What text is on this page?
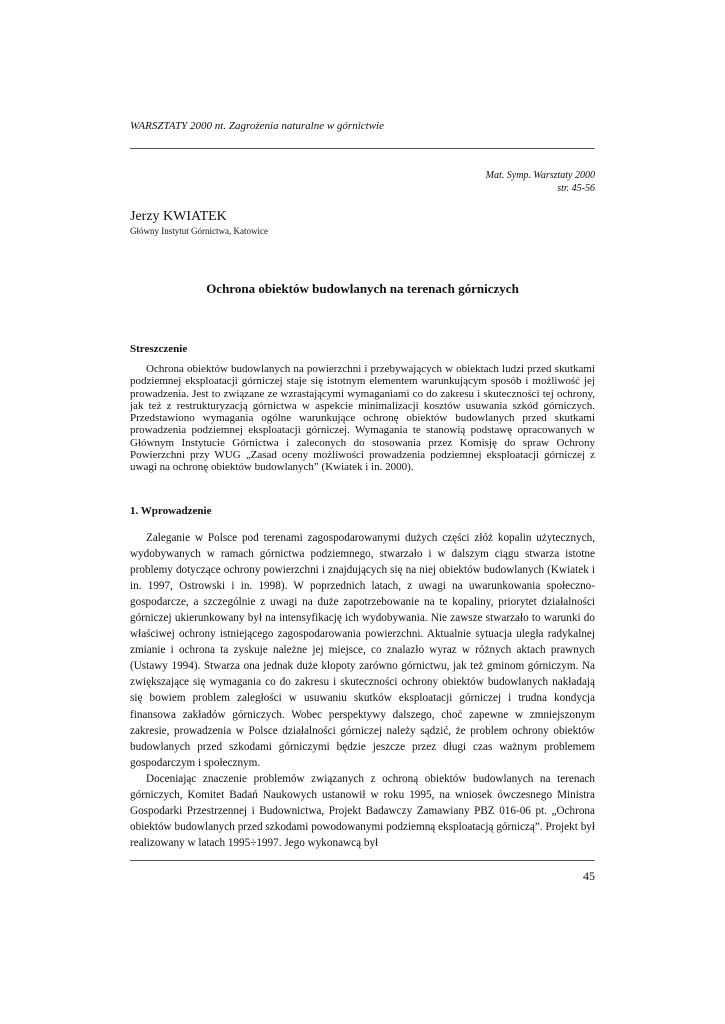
WARSZTATY 2000 nt. Zagrożenia naturalne w górnictwie
Mat. Symp. Warsztaty 2000
str. 45-56
Jerzy KWIATEK
Główny Instytut Górnictwa, Katowice
Ochrona obiektów budowlanych na terenach górniczych
Streszczenie

Ochrona obiektów budowlanych na powierzchni i przebywających w obiektach ludzi przed skutkami podziemnej eksploatacji górniczej staje się istotnym elementem warunkującym sposób i możliwość jej prowadzenia. Jest to związane ze wzrastającymi wymaganiami co do zakresu i skuteczności tej ochrony, jak też z restrukturyzacją górnictwa w aspekcie minimalizacji kosztów usuwania szkód górniczych. Przedstawiono wymagania ogólne warunkujące ochronę obiektów budowlanych przed skutkami prowadzenia podziemnej eksploatacji górniczej. Wymagania te stanowią podstawę opracowanych w Głównym Instytucie Górnictwa i zaleconych do stosowania przez Komisję do spraw Ochrony Powierzchni przy WUG „Zasad oceny możliwości prowadzenia podziemnej eksploatacji górniczej z uwagi na ochronę obiektów budowlanych” (Kwiatek i in. 2000).

1. Wprowadzenie

Zaleganie w Polsce pod terenami zagospodarowanymi dużych części złóż kopalin użytecznych, wydobywanych w ramach górnictwa podziemnego, stwarzało i w dalszym ciągu stwarza istotne problemy dotyczące ochrony powierzchni i znajdujących się na niej obiektów budowlanych (Kwiatek i in. 1997, Ostrowski i in. 1998). W poprzednich latach, z uwagi na uwarunkowania społeczno-gospodarcze, a szczególnie z uwagi na duże zapotrzebowanie na te kopaliny, priorytet działalności górniczej ukierunkowany był na intensyfikację ich wydobywania. Nie zawsze stwarzało to warunki do właściwej ochrony istniejącego zagospodarowania powierzchni. Aktualnie sytuacja uległa radykalnej zmianie i ochrona ta zyskuje należne jej miejsce, co znalazło wyraz w różnych aktach prawnych (Ustawy 1994). Stwarza ona jednak duże kłopoty zarówno górnictwu, jak też gminom górniczym. Na zwiększające się wymagania co do zakresu i skuteczności ochrony obiektów budowlanych nakładają się bowiem problem zaległości w usuwaniu skutków eksploatacji górniczej i trudna kondycja finansowa zakładów górniczych. Wobec perspektywy dalszego, choć zapewne w zmniejszonym zakresie, prowadzenia w Polsce działalności górniczej należy sądzić, że problem ochrony obiektów budowlanych przed szkodami górniczymi będzie jeszcze przez długi czas ważnym problemem gospodarczym i społecznym.

Doceniając znaczenie problemów związanych z ochroną obiektów budowlanych na terenach górniczych, Komitet Badań Naukowych ustanowił w roku 1995, na wniosek ówczesnego Ministra Gospodarki Przestrzennej i Budownictwa, Projekt Badawczy Zamawiany PBZ 016-06 pt. „Ochrona obiektów budowlanych przed szkodami powodowanymi podziemną eksploatacją górniczą”. Projekt był realizowany w latach 1995÷1997. Jego wykonawcą był

45
